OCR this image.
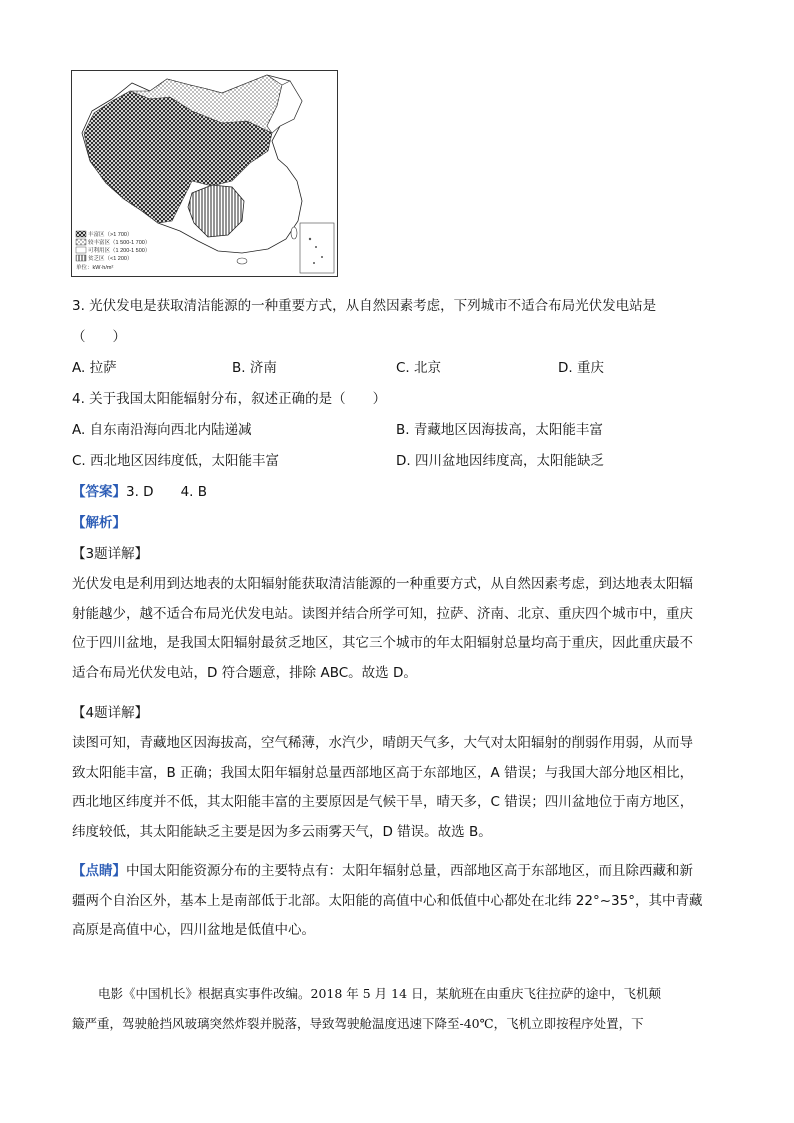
丰富区（>1 700）
较丰富区（1 500-1 700）
可利用区（1 200-1 500）
贫乏区（<1 200）
单位：kW·h/m²
3. 光伏发电是获取清洁能源的一种重要方式，从自然因素考虑，下列城市不适合布局光伏发电站是
（　　）
A. 拉萨	B. 济南	C. 北京	D. 重庆
4. 关于我国太阳能辐射分布，叙述正确的是（　　）
A. 自东南沿海向西北内陆递减	B. 青藏地区因海拔高，太阳能丰富
C. 西北地区因纬度低，太阳能丰富	D. 四川盆地因纬度高，太阳能缺乏
【答案】3. D　　4. B
【解析】
【3题详解】
光伏发电是利用到达地表的太阳辐射能获取清洁能源的一种重要方式，从自然因素考虑，到达地表太阳辐
射能越少，越不适合布局光伏发电站。读图并结合所学可知，拉萨、济南、北京、重庆四个城市中，重庆
位于四川盆地，是我国太阳辐射最贫乏地区，其它三个城市的年太阳辐射总量均高于重庆，因此重庆最不
适合布局光伏发电站，D 符合题意，排除 ABC。故选 D。
【4题详解】
读图可知，青藏地区因海拔高，空气稀薄，水汽少，晴朗天气多，大气对太阳辐射的削弱作用弱，从而导
致太阳能丰富，B 正确；我国太阳年辐射总量西部地区高于东部地区，A 错误；与我国大部分地区相比，
西北地区纬度并不低，其太阳能丰富的主要原因是气候干旱，晴天多，C 错误；四川盆地位于南方地区，
纬度较低，其太阳能缺乏主要是因为多云雨雾天气，D 错误。故选 B。
【点睛】中国太阳能资源分布的主要特点有：太阳年辐射总量，西部地区高于东部地区，而且除西藏和新
疆两个自治区外，基本上是南部低于北部。太阳能的高值中心和低值中心都处在北纬 22°~35°，其中青藏
高原是高值中心，四川盆地是低值中心。
电影《中国机长》根据真实事件改编。2018 年 5 月 14 日，某航班在由重庆飞往拉萨的途中，飞机颠
簸严重，驾驶舱挡风玻璃突然炸裂并脱落，导致驾驶舱温度迅速下降至-40℃，飞机立即按程序处置，下
